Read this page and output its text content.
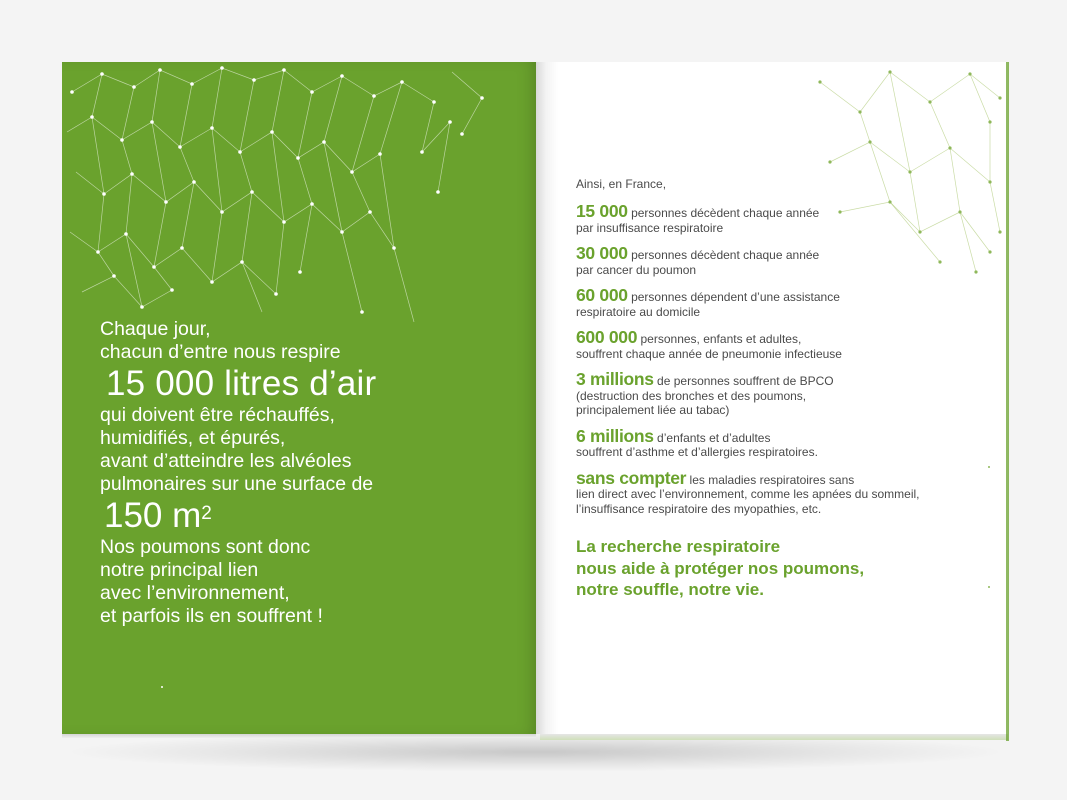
Chaque jour,

chacun d’entre nous respire

15 000 litres d’air

qui doivent être réchauffés,

humidifiés, et épurés,

avant d’atteindre les alvéoles

pulmonaires sur une surface de

150 $m^2$

Nos poumons sont donc

notre principal lien

avec l’environnement,

et parfois ils en souffrent !

Ainsi, en France,

15 000 personnes décèdent chaque année
par insuffisance respiratoire

30 000 personnes décèdent chaque année
par cancer du poumon

60 000 personnes dépendent d’une assistance
respiratoire au domicile

600 000 personnes, enfants et adultes,
souffrent chaque année de pneumonie infectieuse

3 millions de personnes souffrent de BPCO
(destruction des bronches et des poumons,
principalement liée au tabac)

6 millions d’enfants et d’adultes
souffrent d’asthme et d’allergies respiratoires.

sans compter les maladies respiratoires sans
lien direct avec l’environnement, comme les apnées du sommeil,
l’insuffisance respiratoire des myopathies, etc.

La recherche respiratoire
nous aide à protéger nos poumons,
notre souffle, notre vie.
